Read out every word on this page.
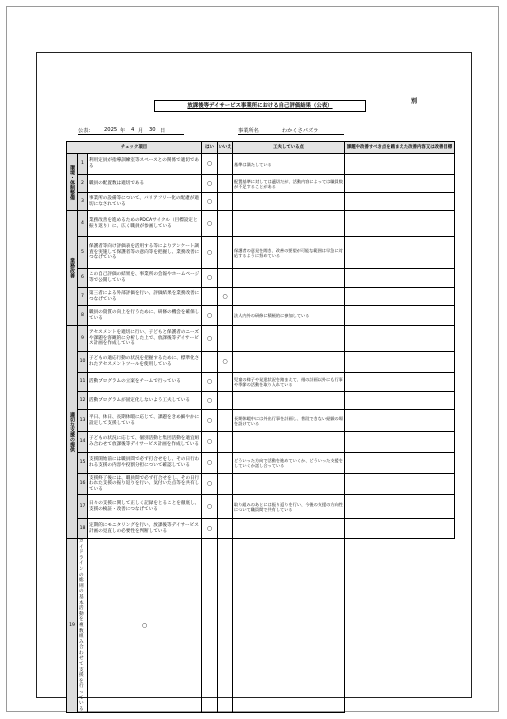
別
放課後等デイサービス事業所における自己評価結果（公表）
公表： 2025 年 4 月 30 日	事業所名	わかくさパズラ
チェック項目			はい	いいえ	工夫している点	課題や改善すべき点を踏まえた改善内容又は改善目標
環境・体制整備	1	利用定員が指導訓練室等スペースとの関係で適切である	○		基準は満たしている	
	2	職員の配置数は適切である	○		配置基準に対しては適切だが、活動内容によっては職員数が不足することがある	
	3	事業所の設備等について、バリアフリー化の配慮が適切になされている	○			
業務改善	4	業務改善を進めるためのPDCAサイクル（目標設定と振り返り）に、広く職員が参画している	○			
	5	保護者等向け評価表を活用する等によりアンケート調査を実施して保護者等の意向等を把握し、業務改善につなげている	○		保護者の意見を聞き、改善の要望が可能な範囲は早急に対応するように努めている	
	6	この自己評価の結果を、事業所の会報やホームページ等で公開している	○			
	7	第三者による外部評価を行い、評価結果を業務改善につなげている		○		
	8	職員の資質の向上を行うために、研修の機会を確保している	○		法人内外の研修に積極的に参加している	
適切な支援の提供	9	アセスメントを適切に行い、子どもと保護者のニーズや課題を客観的に分析した上で、放課後等デイサービス計画を作成している	○			
	10	子どもの適応行動の状況を把握するために、標準化されたアセスメントツールを使用している		○		
	11	活動プログラムの立案をチームで行っている	○		児童の様子や発達状況を踏まえて、週の計画以外にも行事や季節の活動を取り入れている	
	12	活動プログラムが固定化しないよう工夫している	○			
	13	平日、休日、長期休暇に応じて、課題をきめ細やかに設定して支援している	○		長期休暇中には外出行事を計画し、普段できない経験の場を設けている	
	14	子どもの状況に応じて、個別活動と集団活動を適宜組み合わせて放課後等デイサービス計画を作成している	○			
	15	支援開始前には職員間で必ず打合せをし、その日行われる支援の内容や役割分担について確認している	○		どういった方向で活動を進めていくか、どういった支援をしていくか話し合っている	
	16	支援終了後には、職員間で必ず打合せをし、その日行われた支援の振り返りを行い、気付いた点等を共有している	○			
	17	日々の支援に関して正しく記録をとることを徹底し、支援の検証・改善につなげている	○		取り組みのあとには振り返りを行い、今後の支援の方向性について職員間で共有している	
	18	定期的にモニタリングを行い、放課後等デイサービス計画の見直しの必要性を判断している	○			
19	ガイドラインの総則の基本活動を複数組み合わせて支援を行っている	○				
